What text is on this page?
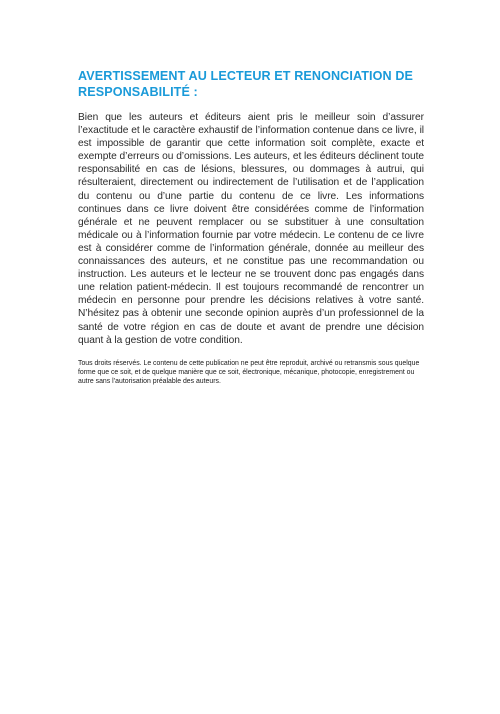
AVERTISSEMENT AU LECTEUR ET RENONCIATION DE RESPONSABILITÉ :

Bien que les auteurs et éditeurs aient pris le meilleur soin d’assurer l’exactitude et le caractère exhaustif de l’information contenue dans ce livre, il est impossible de garantir que cette information soit complète, exacte et exempte d’erreurs ou d’omissions. Les auteurs, et les éditeurs déclinent toute responsabilité en cas de lésions, blessures, ou dommages à autrui, qui résulteraient, directement ou indirectement de l’utilisation et de l’application du contenu ou d’une partie du contenu de ce livre. Les informations continues dans ce livre doivent être considérées comme de l’information générale et ne peuvent remplacer ou se substituer à une consultation médicale ou à l’information fournie par votre médecin. Le contenu de ce livre est à considérer comme de l’information générale, donnée au meilleur des connaissances des auteurs, et ne constitue pas une recommandation ou instruction. Les auteurs et le lecteur ne se trouvent donc pas engagés dans une relation patient-médecin. Il est toujours recommandé de rencontrer un médecin en personne pour prendre les décisions relatives à votre santé. N’hésitez pas à obtenir une seconde opinion auprès d’un professionnel de la santé de votre région en cas de doute et avant de prendre une décision quant à la gestion de votre condition.

Tous droits réservés. Le contenu de cette publication ne peut être reproduit, archivé ou retransmis sous quelque forme que ce soit, et de quelque manière que ce soit, électronique, mécanique, photocopie, enregistrement ou autre sans l’autorisation préalable des auteurs.
